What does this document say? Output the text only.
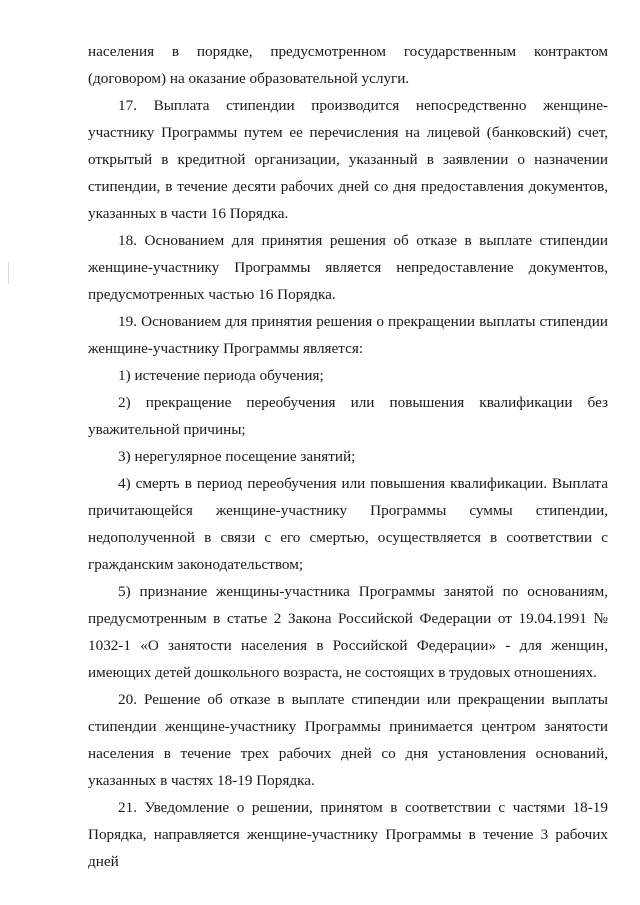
населения в порядке, предусмотренном государственным контрактом (договором) на оказание образовательной услуги.

17. Выплата стипендии производится непосредственно женщине-участнику Программы путем ее перечисления на лицевой (банковский) счет, открытый в кредитной организации, указанный в заявлении о назначении стипендии, в течение десяти рабочих дней со дня предоставления документов, указанных в части 16 Порядка.

18. Основанием для принятия решения об отказе в выплате стипендии женщине-участнику Программы является непредоставление документов, предусмотренных частью 16 Порядка.

19. Основанием для принятия решения о прекращении выплаты стипендии женщине-участнику Программы является:

1) истечение периода обучения;

2) прекращение переобучения или повышения квалификации без уважительной причины;

3) нерегулярное посещение занятий;

4) смерть в период переобучения или повышения квалификации. Выплата причитающейся женщине-участнику Программы суммы стипендии, недополученной в связи с его смертью, осуществляется в соответствии с гражданским законодательством;

5) признание женщины-участника Программы занятой по основаниям, предусмотренным в статье 2 Закона Российской Федерации от 19.04.1991 № 1032-1 «О занятости населения в Российской Федерации» - для женщин, имеющих детей дошкольного возраста, не состоящих в трудовых отношениях.

20. Решение об отказе в выплате стипендии или прекращении выплаты стипендии женщине-участнику Программы принимается центром занятости населения в течение трех рабочих дней со дня установления оснований, указанных в частях 18-19 Порядка.

21. Уведомление о решении, принятом в соответствии с частями 18-19 Порядка, направляется женщине-участнику Программы в течение 3 рабочих дней
